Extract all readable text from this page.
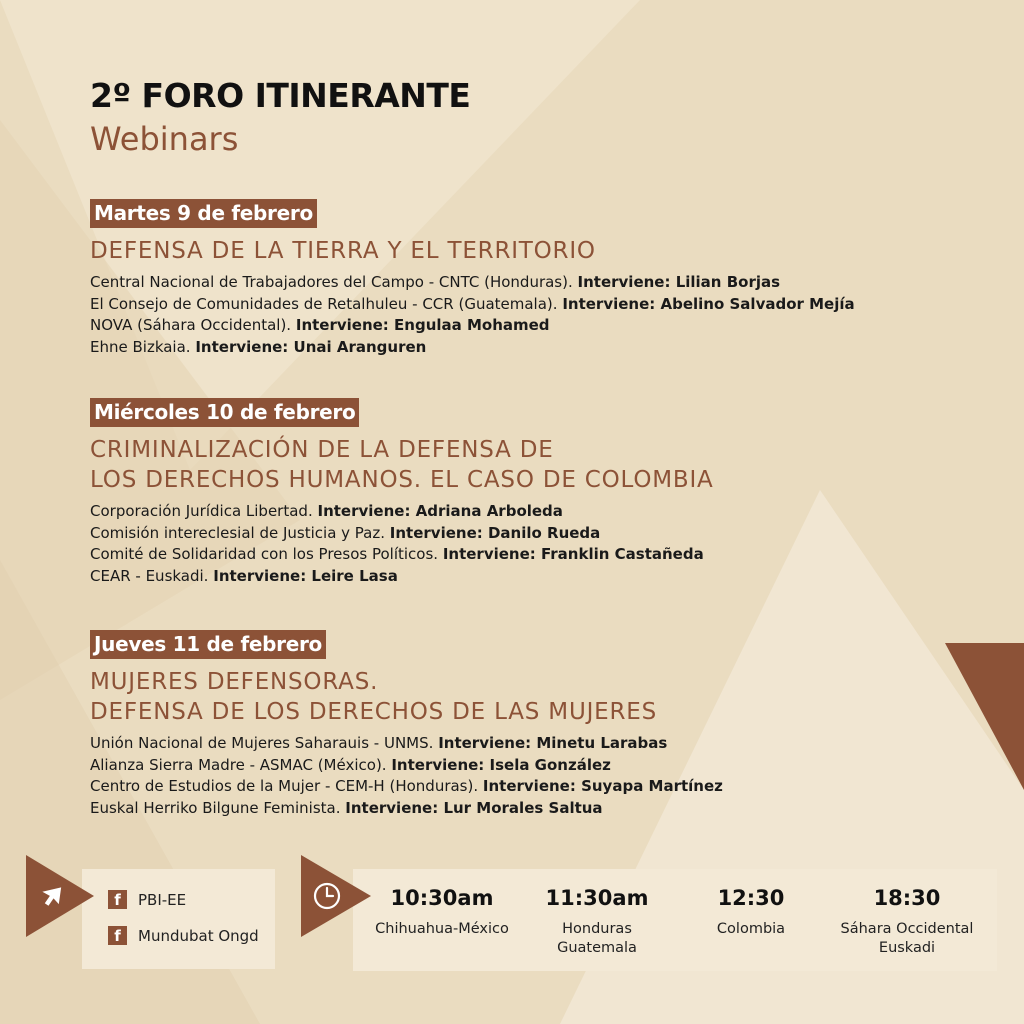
2º FORO ITINERANTE
Webinars
Martes 9 de febrero
DEFENSA DE LA TIERRA Y EL TERRITORIO
Central Nacional de Trabajadores del Campo - CNTC (Honduras). Interviene: Lilian Borjas
El Consejo de Comunidades de Retalhuleu - CCR (Guatemala). Interviene: Abelino Salvador Mejía
NOVA (Sáhara Occidental). Interviene: Engulaa Mohamed
Ehne Bizkaia. Interviene: Unai Aranguren
Miércoles 10 de febrero
CRIMINALIZACIÓN DE LA DEFENSA DE
LOS DERECHOS HUMANOS. EL CASO DE COLOMBIA
Corporación Jurídica Libertad. Interviene: Adriana Arboleda
Comisión intereclesial de Justicia y Paz. Interviene: Danilo Rueda
Comité de Solidaridad con los Presos Políticos. Interviene: Franklin Castañeda
CEAR - Euskadi. Interviene: Leire Lasa
Jueves 11 de febrero
MUJERES DEFENSORAS.
DEFENSA DE LOS DERECHOS DE LAS MUJERES
Unión Nacional de Mujeres Saharauis - UNMS. Interviene: Minetu Larabas
Alianza Sierra Madre - ASMAC (México). Interviene: Isela González
Centro de Estudios de la Mujer - CEM-H (Honduras). Interviene: Suyapa Martínez
Euskal Herriko Bilgune Feminista. Interviene: Lur Morales Saltua
f	PBI-EE
f	Mundubat Ongd
10:30am
Chihuahua-México
11:30am
Honduras
Guatemala
12:30
Colombia
18:30
Sáhara Occidental
Euskadi
